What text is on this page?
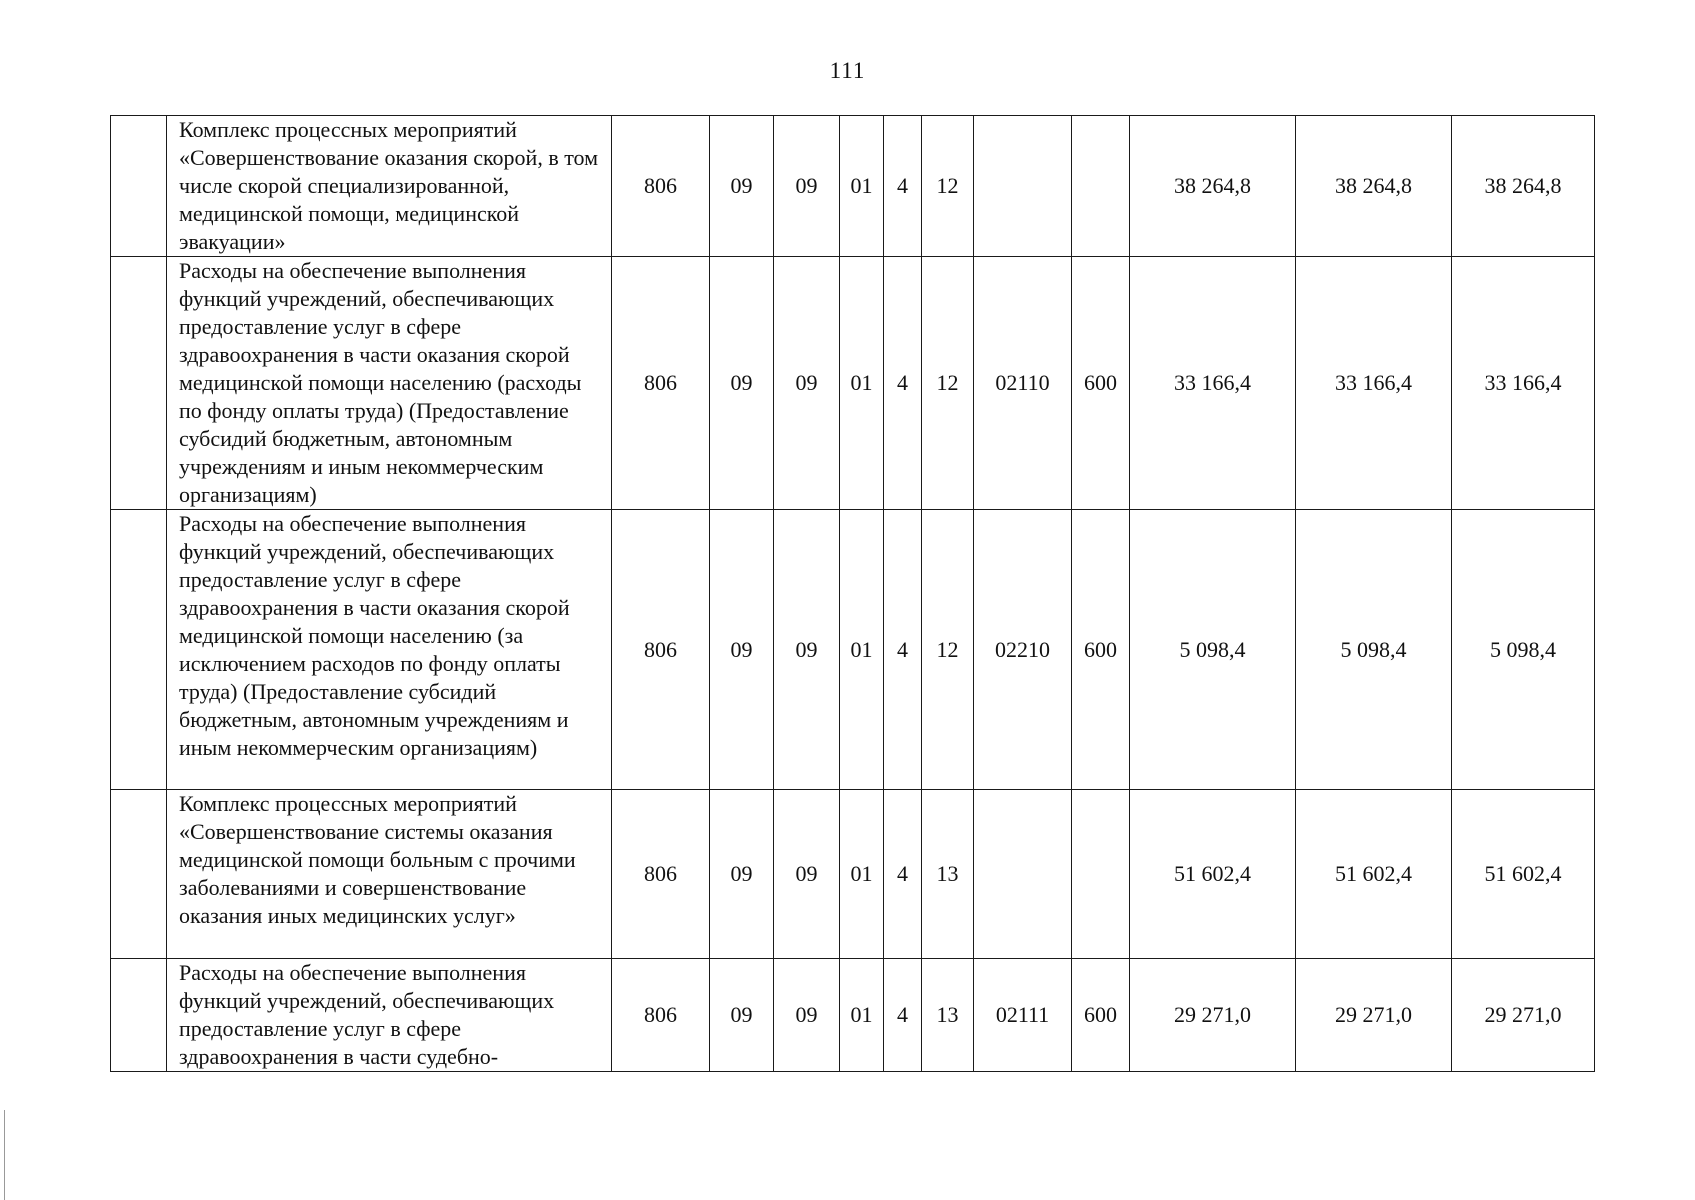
111
	Комплекс процессных мероприятий «Совершенствование оказания скорой, в том числе скорой специализированной, медицинской помощи, медицинской эвакуации»	806	09	09	01	4	12			38 264,8	38 264,8	38 264,8
	Расходы на обеспечение выполнения функций учреждений, обеспечивающих предоставление услуг в сфере здравоохранения в части оказания скорой медицинской помощи населению (расходы по фонду оплаты труда) (Предоставление субсидий бюджетным, автономным учреждениям и иным некоммерческим организациям)	806	09	09	01	4	12	02110	600	33 166,4	33 166,4	33 166,4
	Расходы на обеспечение выполнения функций учреждений, обеспечивающих предоставление услуг в сфере здравоохранения в части оказания скорой медицинской помощи населению (за исключением расходов по фонду оплаты труда) (Предоставление субсидий бюджетным, автономным учреждениям и иным некоммерческим организациям)	806	09	09	01	4	12	02210	600	5 098,4	5 098,4	5 098,4
	Комплекс процессных мероприятий «Совершенствование системы оказания медицинской помощи больным с прочими заболеваниями и совершенствование оказания иных медицинских услуг»	806	09	09	01	4	13			51 602,4	51 602,4	51 602,4
	Расходы на обеспечение выполнения функций учреждений, обеспечивающих предоставление услуг в сфере здравоохранения в части судебно-	806	09	09	01	4	13	02111	600	29 271,0	29 271,0	29 271,0
